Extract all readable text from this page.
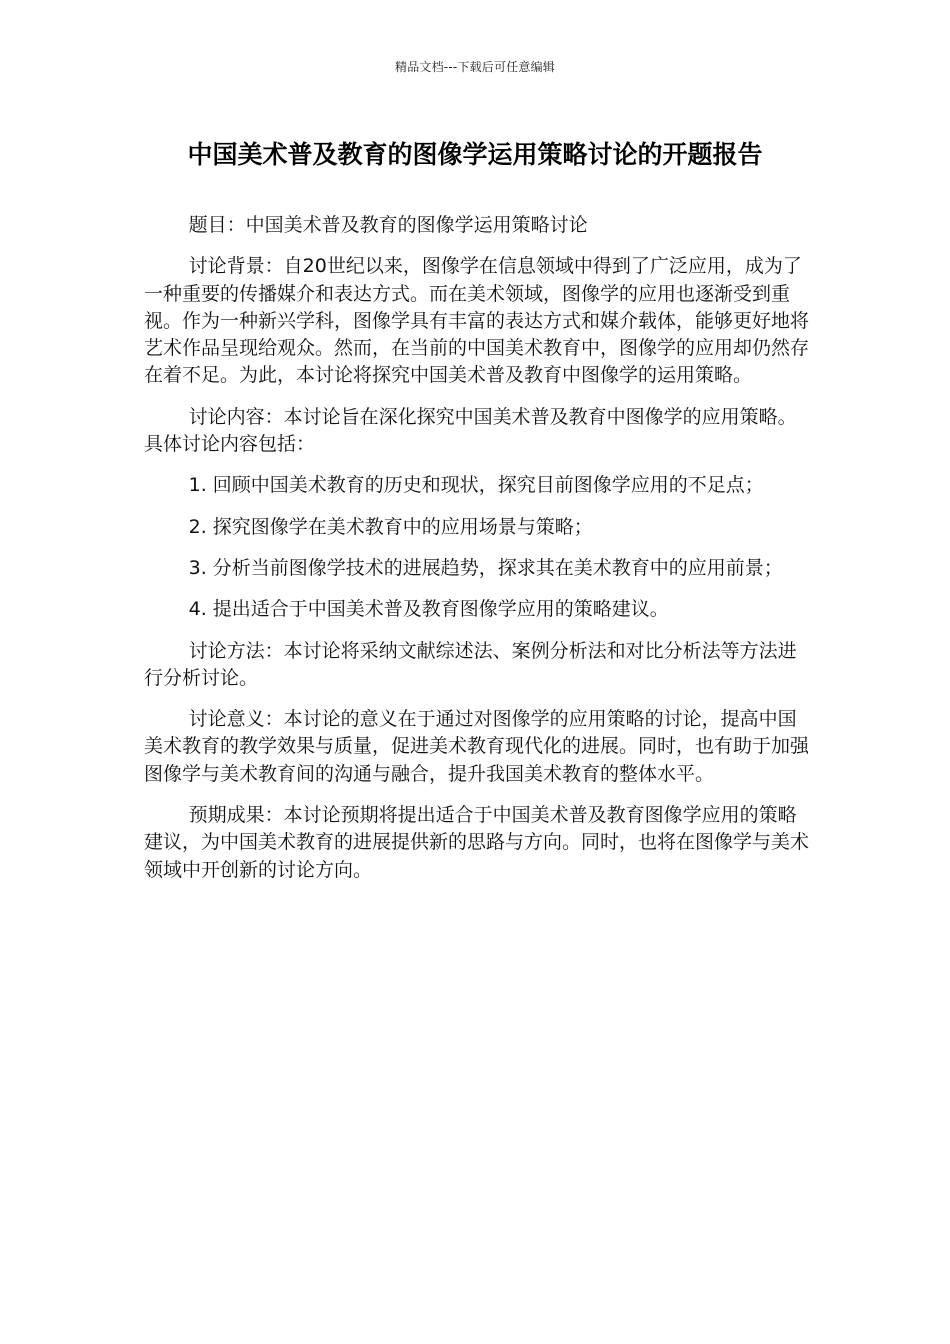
精品文档---下载后可任意编辑
中国美术普及教育的图像学运用策略讨论的开题报告

题目：中国美术普及教育的图像学运用策略讨论

讨论背景：自20世纪以来，图像学在信息领域中得到了广泛应用，成为了一种重要的传播媒介和表达方式。而在美术领域，图像学的应用也逐渐受到重视。作为一种新兴学科，图像学具有丰富的表达方式和媒介载体，能够更好地将艺术作品呈现给观众。然而，在当前的中国美术教育中，图像学的应用却仍然存在着不足。为此，本讨论将探究中国美术普及教育中图像学的运用策略。

讨论内容：本讨论旨在深化探究中国美术普及教育中图像学的应用策略。具体讨论内容包括：

1. 回顾中国美术教育的历史和现状，探究目前图像学应用的不足点；

2. 探究图像学在美术教育中的应用场景与策略；

3. 分析当前图像学技术的进展趋势，探求其在美术教育中的应用前景；

4. 提出适合于中国美术普及教育图像学应用的策略建议。

讨论方法：本讨论将采纳文献综述法、案例分析法和对比分析法等方法进行分析讨论。

讨论意义：本讨论的意义在于通过对图像学的应用策略的讨论，提高中国美术教育的教学效果与质量，促进美术教育现代化的进展。同时，也有助于加强图像学与美术教育间的沟通与融合，提升我国美术教育的整体水平。

预期成果：本讨论预期将提出适合于中国美术普及教育图像学应用的策略建议，为中国美术教育的进展提供新的思路与方向。同时，也将在图像学与美术领域中开创新的讨论方向。
